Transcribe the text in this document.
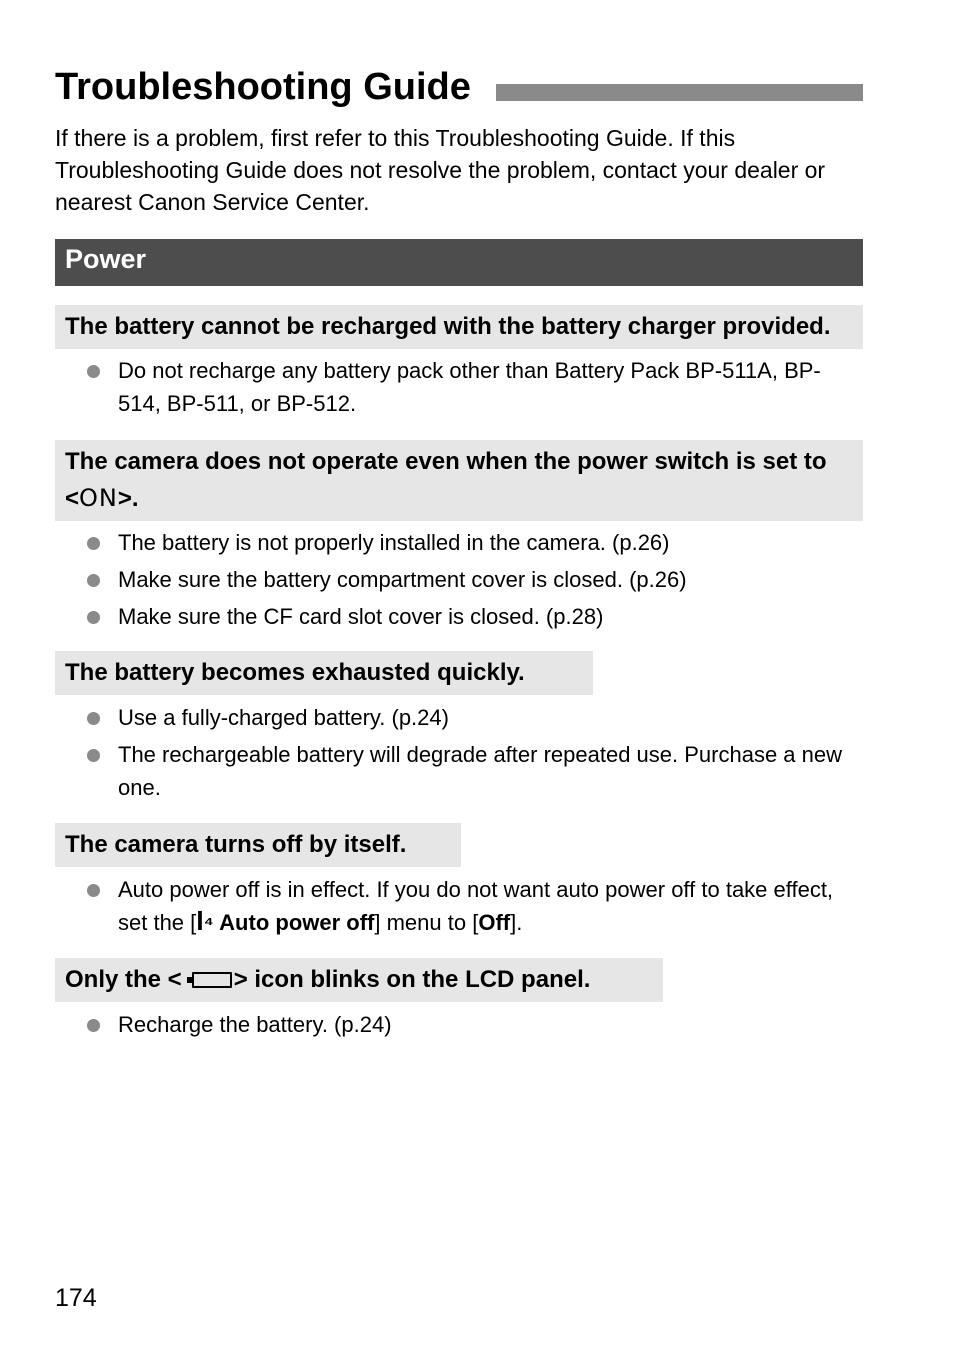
Troubleshooting Guide
If there is a problem, first refer to this Troubleshooting Guide. If this Troubleshooting Guide does not resolve the problem, contact your dealer or nearest Canon Service Center.
Power
The battery cannot be recharged with the battery charger provided.
Do not recharge any battery pack other than Battery Pack BP-511A, BP-514, BP-511, or BP-512.
The camera does not operate even when the power switch is set to <ON>.
The battery is not properly installed in the camera. (p.26)
Make sure the battery compartment cover is closed. (p.26)
Make sure the CF card slot cover is closed. (p.28)
The battery becomes exhausted quickly.
Use a fully-charged battery. (p.24)
The rechargeable battery will degrade after repeated use. Purchase a new one.
The camera turns off by itself.
Auto power off is in effect. If you do not want auto power off to take effect, set the [ꟾ⁴ Auto power off] menu to [Off].
Only the < > icon blinks on the LCD panel.
Recharge the battery. (p.24)
174
